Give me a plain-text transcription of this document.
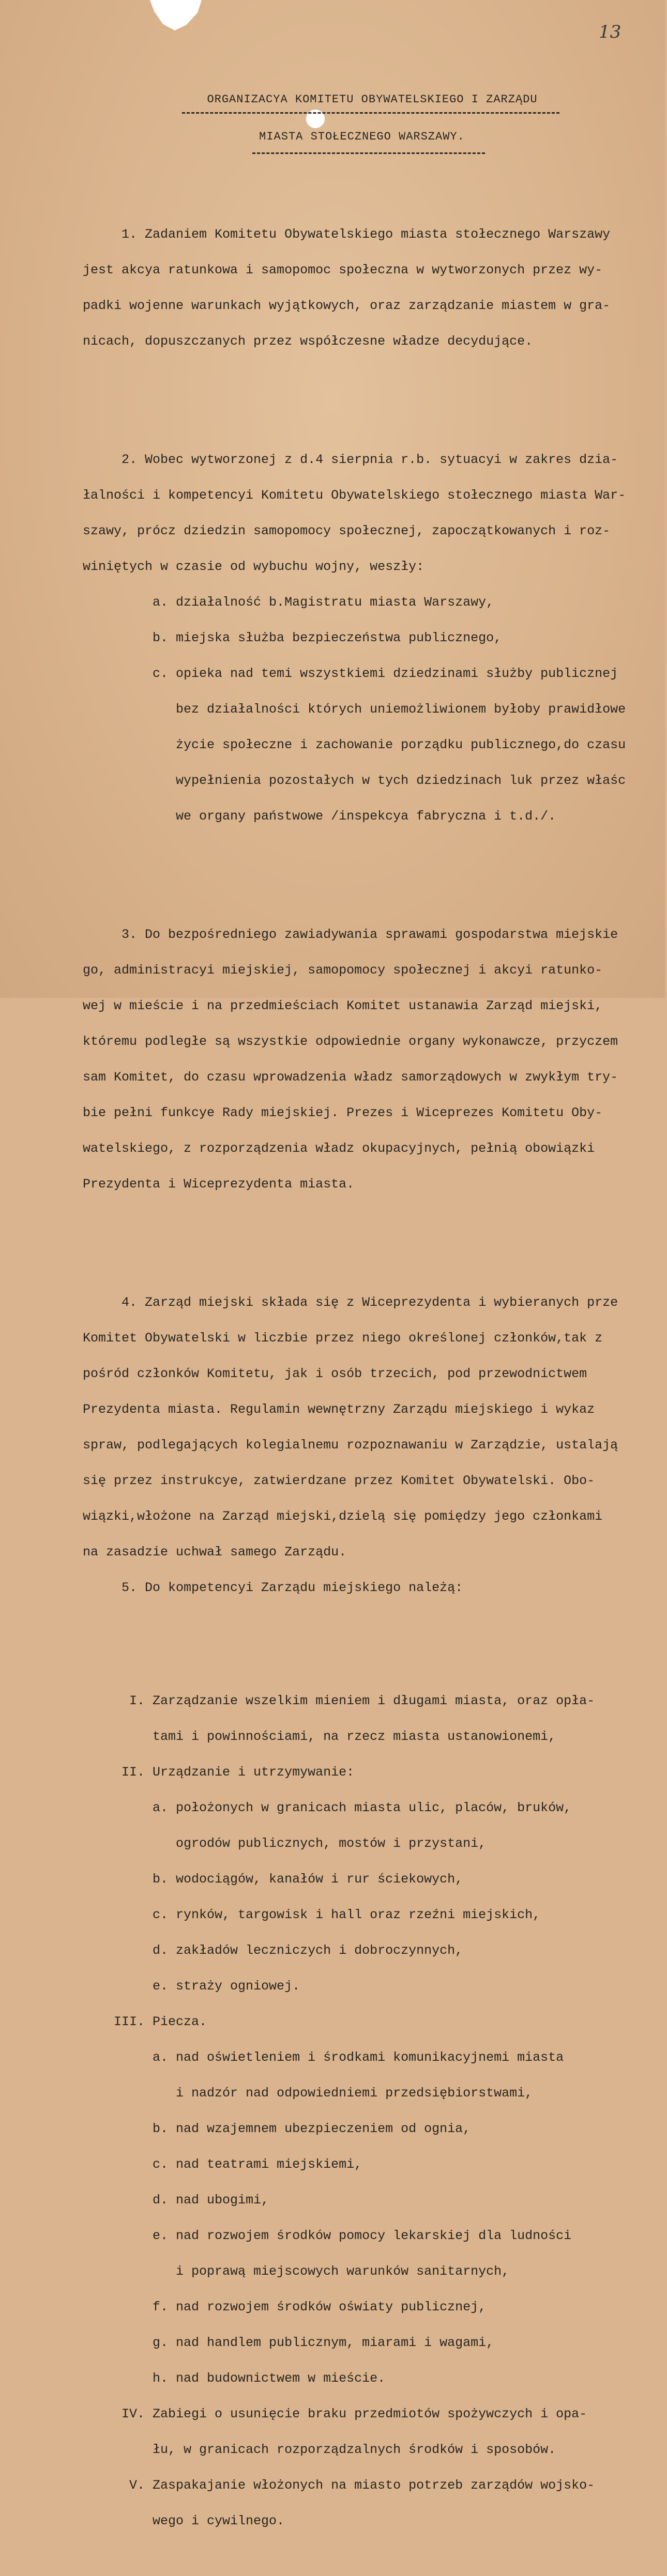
13
ORGANIZACYA KOMITETU OBYWATELSKIEGO I ZARZĄDU
MIASTA STOŁECZNEGO WARSZAWY.

1. Zadaniem Komitetu Obywatelskiego miasta stołecznego Warszawy

jest akcya ratunkowa i samopomoc społeczna w wytworzonych przez wy-

padki wojenne warunkach wyjątkowych, oraz zarządzanie miastem w gra-

nicach, dopuszczanych przez współczesne władze decydujące.

2. Wobec wytworzonej z d.4 sierpnia r.b. sytuacyi w zakres dzia-

łalności i kompetencyi Komitetu Obywatelskiego stołecznego miasta War-

szawy, prócz dziedzin samopomocy społecznej, zapoczątkowanych i roz-

winiętych w czasie od wybuchu wojny, weszły:

a. działalność b.Magistratu miasta Warszawy,

b. miejska służba bezpieczeństwa publicznego,

c. opieka nad temi wszystkiemi dziedzinami służby publicznej

bez działalności których uniemożliwionem byłoby prawidłowe

życie społeczne i zachowanie porządku publicznego,do czasu

wypełnienia pozostałych w tych dziedzinach luk przez właśc

we organy państwowe /inspekcya fabryczna i t.d./.

3. Do bezpośredniego zawiadywania sprawami gospodarstwa miejskie

go, administracyi miejskiej, samopomocy społecznej i akcyi ratunko-

wej w mieście i na przedmieściach Komitet ustanawia Zarząd miejski,

któremu podległe są wszystkie odpowiednie organy wykonawcze, przyczem

sam Komitet, do czasu wprowadzenia władz samorządowych w zwykłym try-

bie pełni funkcye Rady miejskiej. Prezes i Wiceprezes Komitetu Oby-

watelskiego, z rozporządzenia władz okupacyjnych, pełnią obowiązki

Prezydenta i Wiceprezydenta miasta.

4. Zarząd miejski składa się z Wiceprezydenta i wybieranych prze

Komitet Obywatelski w liczbie przez niego określonej członków,tak z

pośród członków Komitetu, jak i osób trzecich, pod przewodnictwem

Prezydenta miasta. Regulamin wewnętrzny Zarządu miejskiego i wykaz

spraw, podlegających kolegialnemu rozpoznawaniu w Zarządzie, ustalają

się przez instrukcye, zatwierdzane przez Komitet Obywatelski. Obo-

wiązki,włożone na Zarząd miejski,dzielą się pomiędzy jego członkami

na zasadzie uchwał samego Zarządu.

5. Do kompetencyi Zarządu miejskiego należą:

I. Zarządzanie wszelkim mieniem i długami miasta, oraz opła-

tami i powinnościami, na rzecz miasta ustanowionemi,

II. Urządzanie i utrzymywanie:

a. położonych w granicach miasta ulic, placów, bruków,

ogrodów publicznych, mostów i przystani,

b. wodociągów, kanałów i rur ściekowych,

c. rynków, targowisk i hall oraz rzeźni miejskich,

d. zakładów leczniczych i dobroczynnych,

e. straży ogniowej.

III. Piecza.

a. nad oświetleniem i środkami komunikacyjnemi miasta

i nadzór nad odpowiedniemi przedsiębiorstwami,

b. nad wzajemnem ubezpieczeniem od ognia,

c. nad teatrami miejskiemi,

d. nad ubogimi,

e. nad rozwojem środków pomocy lekarskiej dla ludności

i poprawą miejscowych warunków sanitarnych,

f. nad rozwojem środków oświaty publicznej,

g. nad handlem publicznym, miarami i wagami,

h. nad budownictwem w mieście.

IV. Zabiegi o usunięcie braku przedmiotów spożywczych i opa-

łu, w granicach rozporządzalnych środków i sposobów.

V. Zaspakajanie włożonych na miasto potrzeb zarządów wojsko-

wego i cywilnego.
